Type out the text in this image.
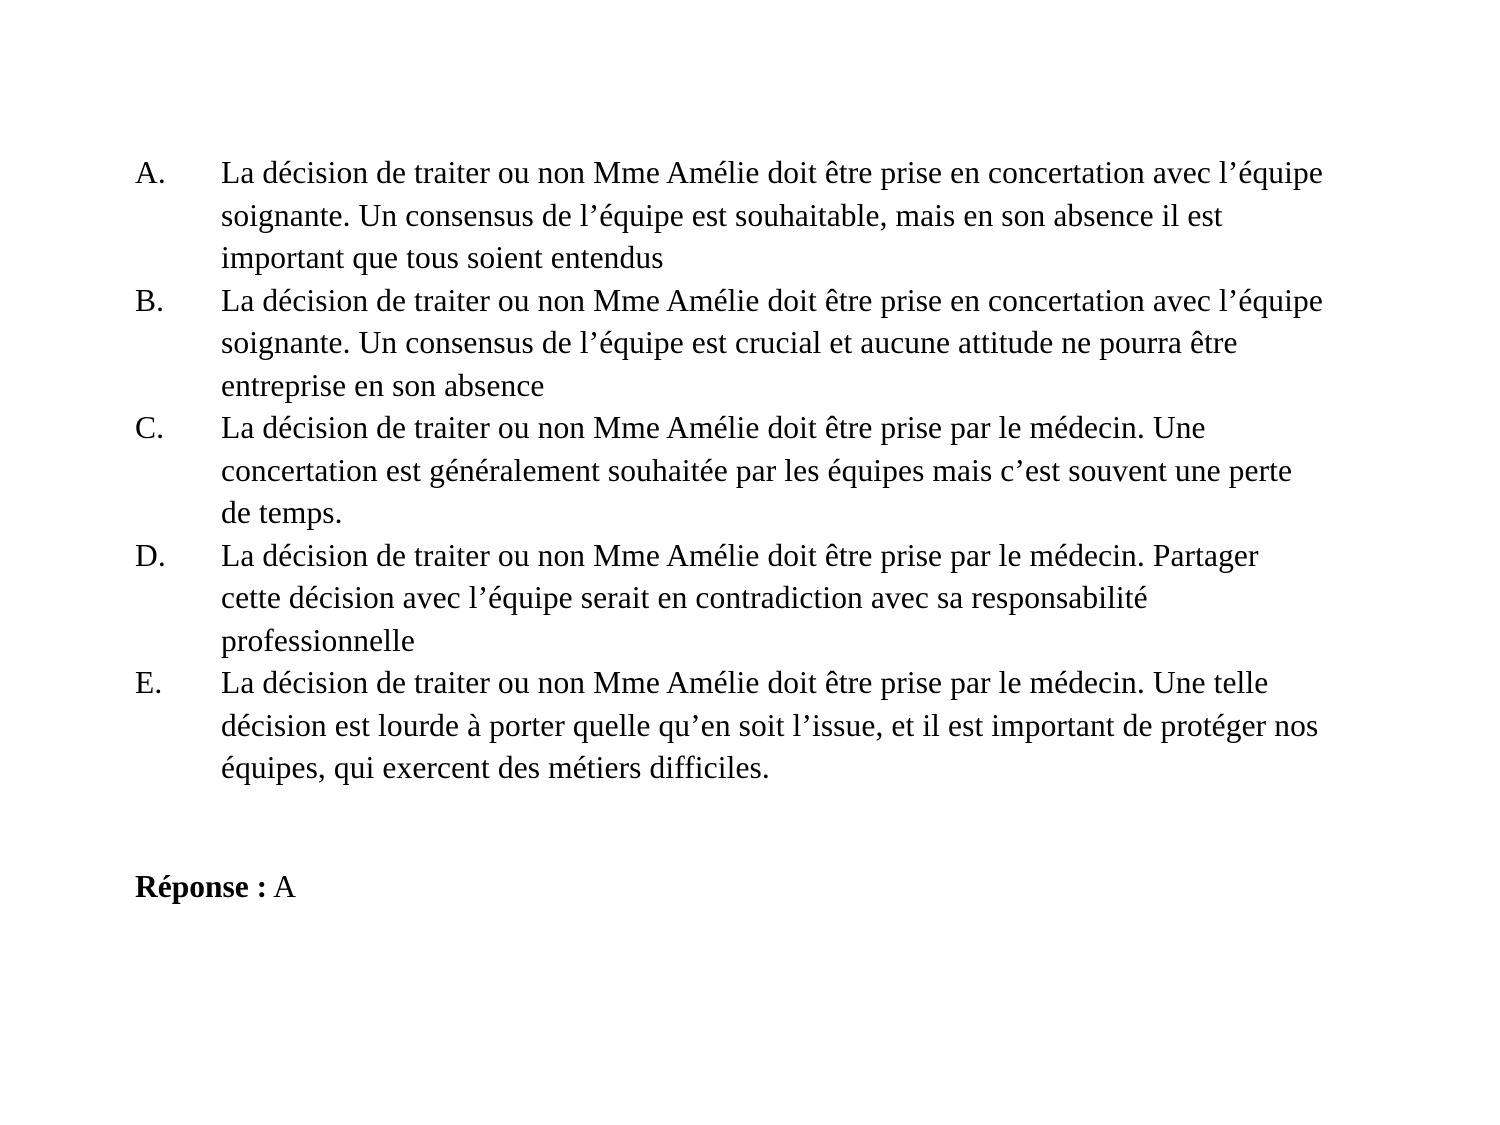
A.	La décision de traiter ou non Mme Amélie doit être prise en concertation avec l’équipe soignante. Un consensus de l’équipe est souhaitable, mais en son absence il est important que tous soient entendus
B.	La décision de traiter ou non Mme Amélie doit être prise en concertation avec l’équipe soignante. Un consensus de l’équipe est crucial et aucune attitude ne pourra être entreprise en son absence
C.	La décision de traiter ou non Mme Amélie doit être prise par le médecin. Une concertation est généralement souhaitée par les équipes mais c’est souvent une perte de temps.
D.	La décision de traiter ou non Mme Amélie doit être prise par le médecin. Partager cette décision avec l’équipe serait en contradiction avec sa responsabilité professionnelle
E.	La décision de traiter ou non Mme Amélie doit être prise par le médecin. Une telle décision est lourde à porter quelle qu’en soit l’issue, et il est important de protéger nos équipes, qui exercent des métiers difficiles.

Réponse : A
